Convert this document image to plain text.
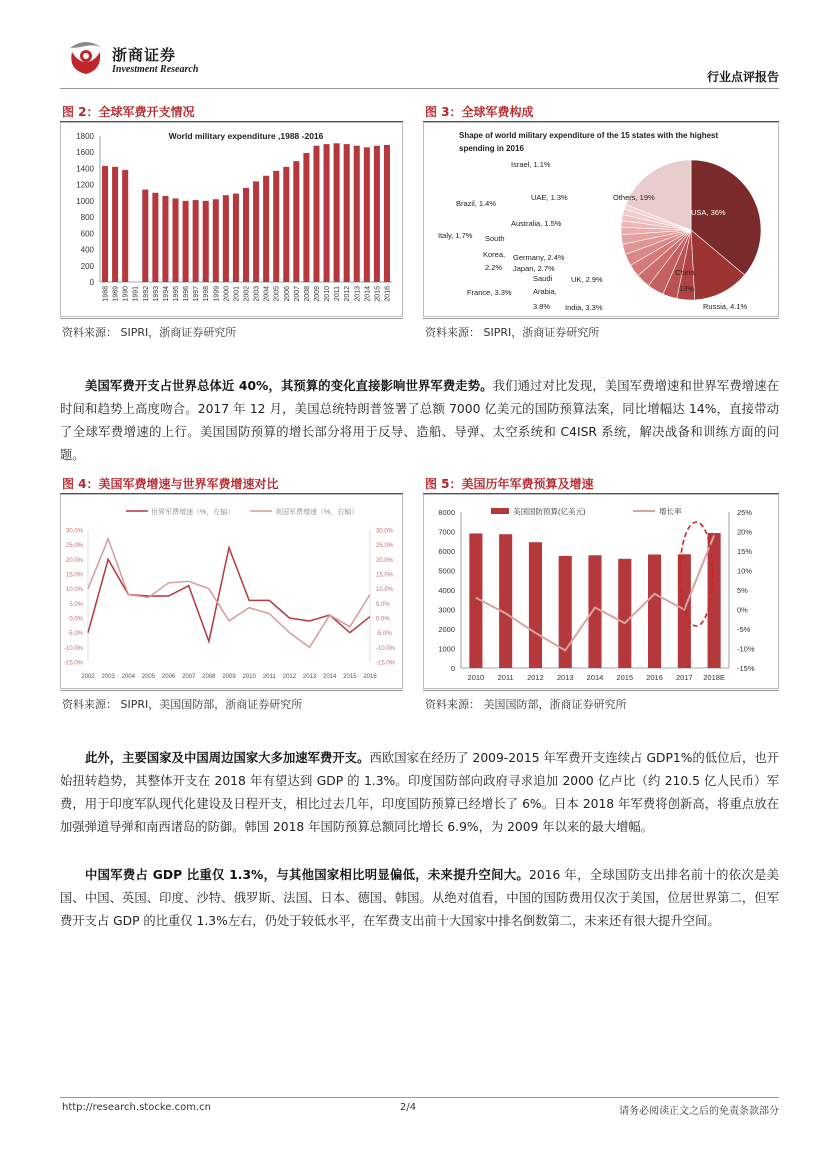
浙商证券
Investment Research
行业点评报告
图 2：全球军费开支情况
World military expenditure ,1988 -2016
0
200
400
600
800
1000
1200
1400
1600
1800
1988 1989 1990 1991 1992 1993 1994 1995 1996 1997 1998 1999 2000 2001 2002 2003 2004 2005 2006 2007 2008 2009 2010 2011 2012 2013 2014 2015 2016
资料来源： SIPRI，浙商证券研究所
图 3：全球军费构成
Shape of world military expenditure of the 15 states with the highest
spending in 2016
Israel, 1.1%
UAE, 1.3%
Brazil, 1.4%
Others, 19%
USA, 36%
Australia, 1.5%
Italy, 1.7% South
Korea,
2.2%
Germany, 2.4%
Japan, 2.7%
Saudi
Arabia,
3.8%
UK, 2.9%
France, 3.3%
India, 3.3%
China,
13%
Russia, 4.1%
资料来源： SIPRI，浙商证券研究所
美国军费开支占世界总体近 40%，其预算的变化直接影响世界军费走势。我们通过对比发现，美国军费增速和世界军费增速在时间和趋势上高度吻合。2017 年 12 月，美国总统特朗普签署了总额 7000 亿美元的国防预算法案，同比增幅达 14%，直接带动了全球军费增速的上行。美国国防预算的增长部分将用于反导、造船、导弹、太空系统和 C4ISR 系统，解决战备和训练方面的问题。
图 4：美国军费增速与世界军费增速对比
世界军费增速（%，左轴）	美国军费增速（%，右轴）
30.0%
25.0%
20.0%
15.0%
10.0%
5.0%
0.0%
-5.0%
-10.0%
-15.0%
30.0%
25.0%
20.0%
15.0%
10.0%
5.0%
0.0%
-5.0%
-10.0%
-15.0%
2002 2003 2004 2005 2006 2007 2008 2009 2010 2011 2012 2013 2014 2015 2016
资料来源： SIPRI，美国国防部，浙商证券研究所
图 5：美国历年军费预算及增速
美国国防预算(亿美元)	增长率
0
1000
2000
3000
4000
5000
6000
7000
8000
-15%
-10%
-5%
0%
5%
10%
15%
20%
25%
2010 2011 2012 2013 2014 2015 2016 2017 2018E
资料来源： 美国国防部，浙商证券研究所
此外，主要国家及中国周边国家大多加速军费开支。西欧国家在经历了 2009-2015 年军费开支连续占 GDP1%的低位后，也开始扭转趋势，其整体开支在 2018 年有望达到 GDP 的 1.3%。印度国防部向政府寻求追加 2000 亿卢比（约 210.5 亿人民币）军费，用于印度军队现代化建设及日程开支，相比过去几年，印度国防预算已经增长了 6%。日本 2018 年军费将创新高，将重点放在加强弹道导弹和南西诸岛的防御。韩国 2018 年国防预算总额同比增长 6.9%，为 2009 年以来的最大增幅。
中国军费占 GDP 比重仅 1.3%，与其他国家相比明显偏低，未来提升空间大。2016 年，全球国防支出排名前十的依次是美国、中国、英国、印度、沙特、俄罗斯、法国、日本、德国、韩国。从绝对值看，中国的国防费用仅次于美国，位居世界第二，但军费开支占 GDP 的比重仅 1.3%左右，仍处于较低水平，在军费支出前十大国家中排名倒数第二，未来还有很大提升空间。
http://research.stocke.com.cn	2/4	请务必阅读正文之后的免责条款部分
